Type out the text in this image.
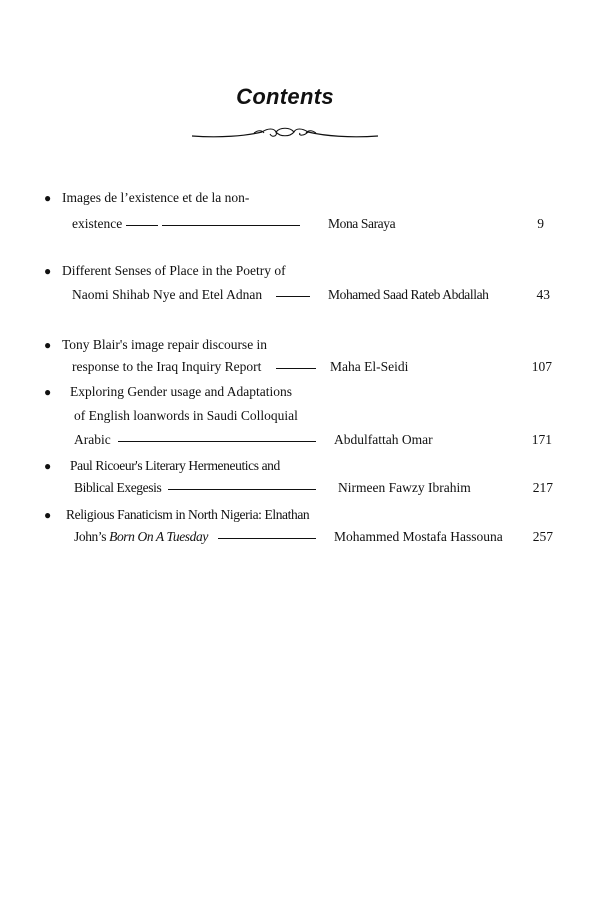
Contents
● Images de l’existence et de la non-
existence	Mona Saraya	9
● Different Senses of Place in the Poetry of
Naomi Shihab Nye and Etel Adnan	Mohamed Saad Rateb Abdallah	43
● Tony Blair's image repair discourse in
response to the Iraq Inquiry Report	Maha El-Seidi	107
● Exploring Gender usage and Adaptations
of English loanwords in Saudi Colloquial
Arabic	Abdulfattah Omar	171
● Paul Ricoeur's Literary Hermeneutics and
Biblical Exegesis	Nirmeen Fawzy Ibrahim	217
● Religious Fanaticism in North Nigeria: Elnathan
John’s Born On A Tuesday	Mohammed Mostafa Hassouna	257
